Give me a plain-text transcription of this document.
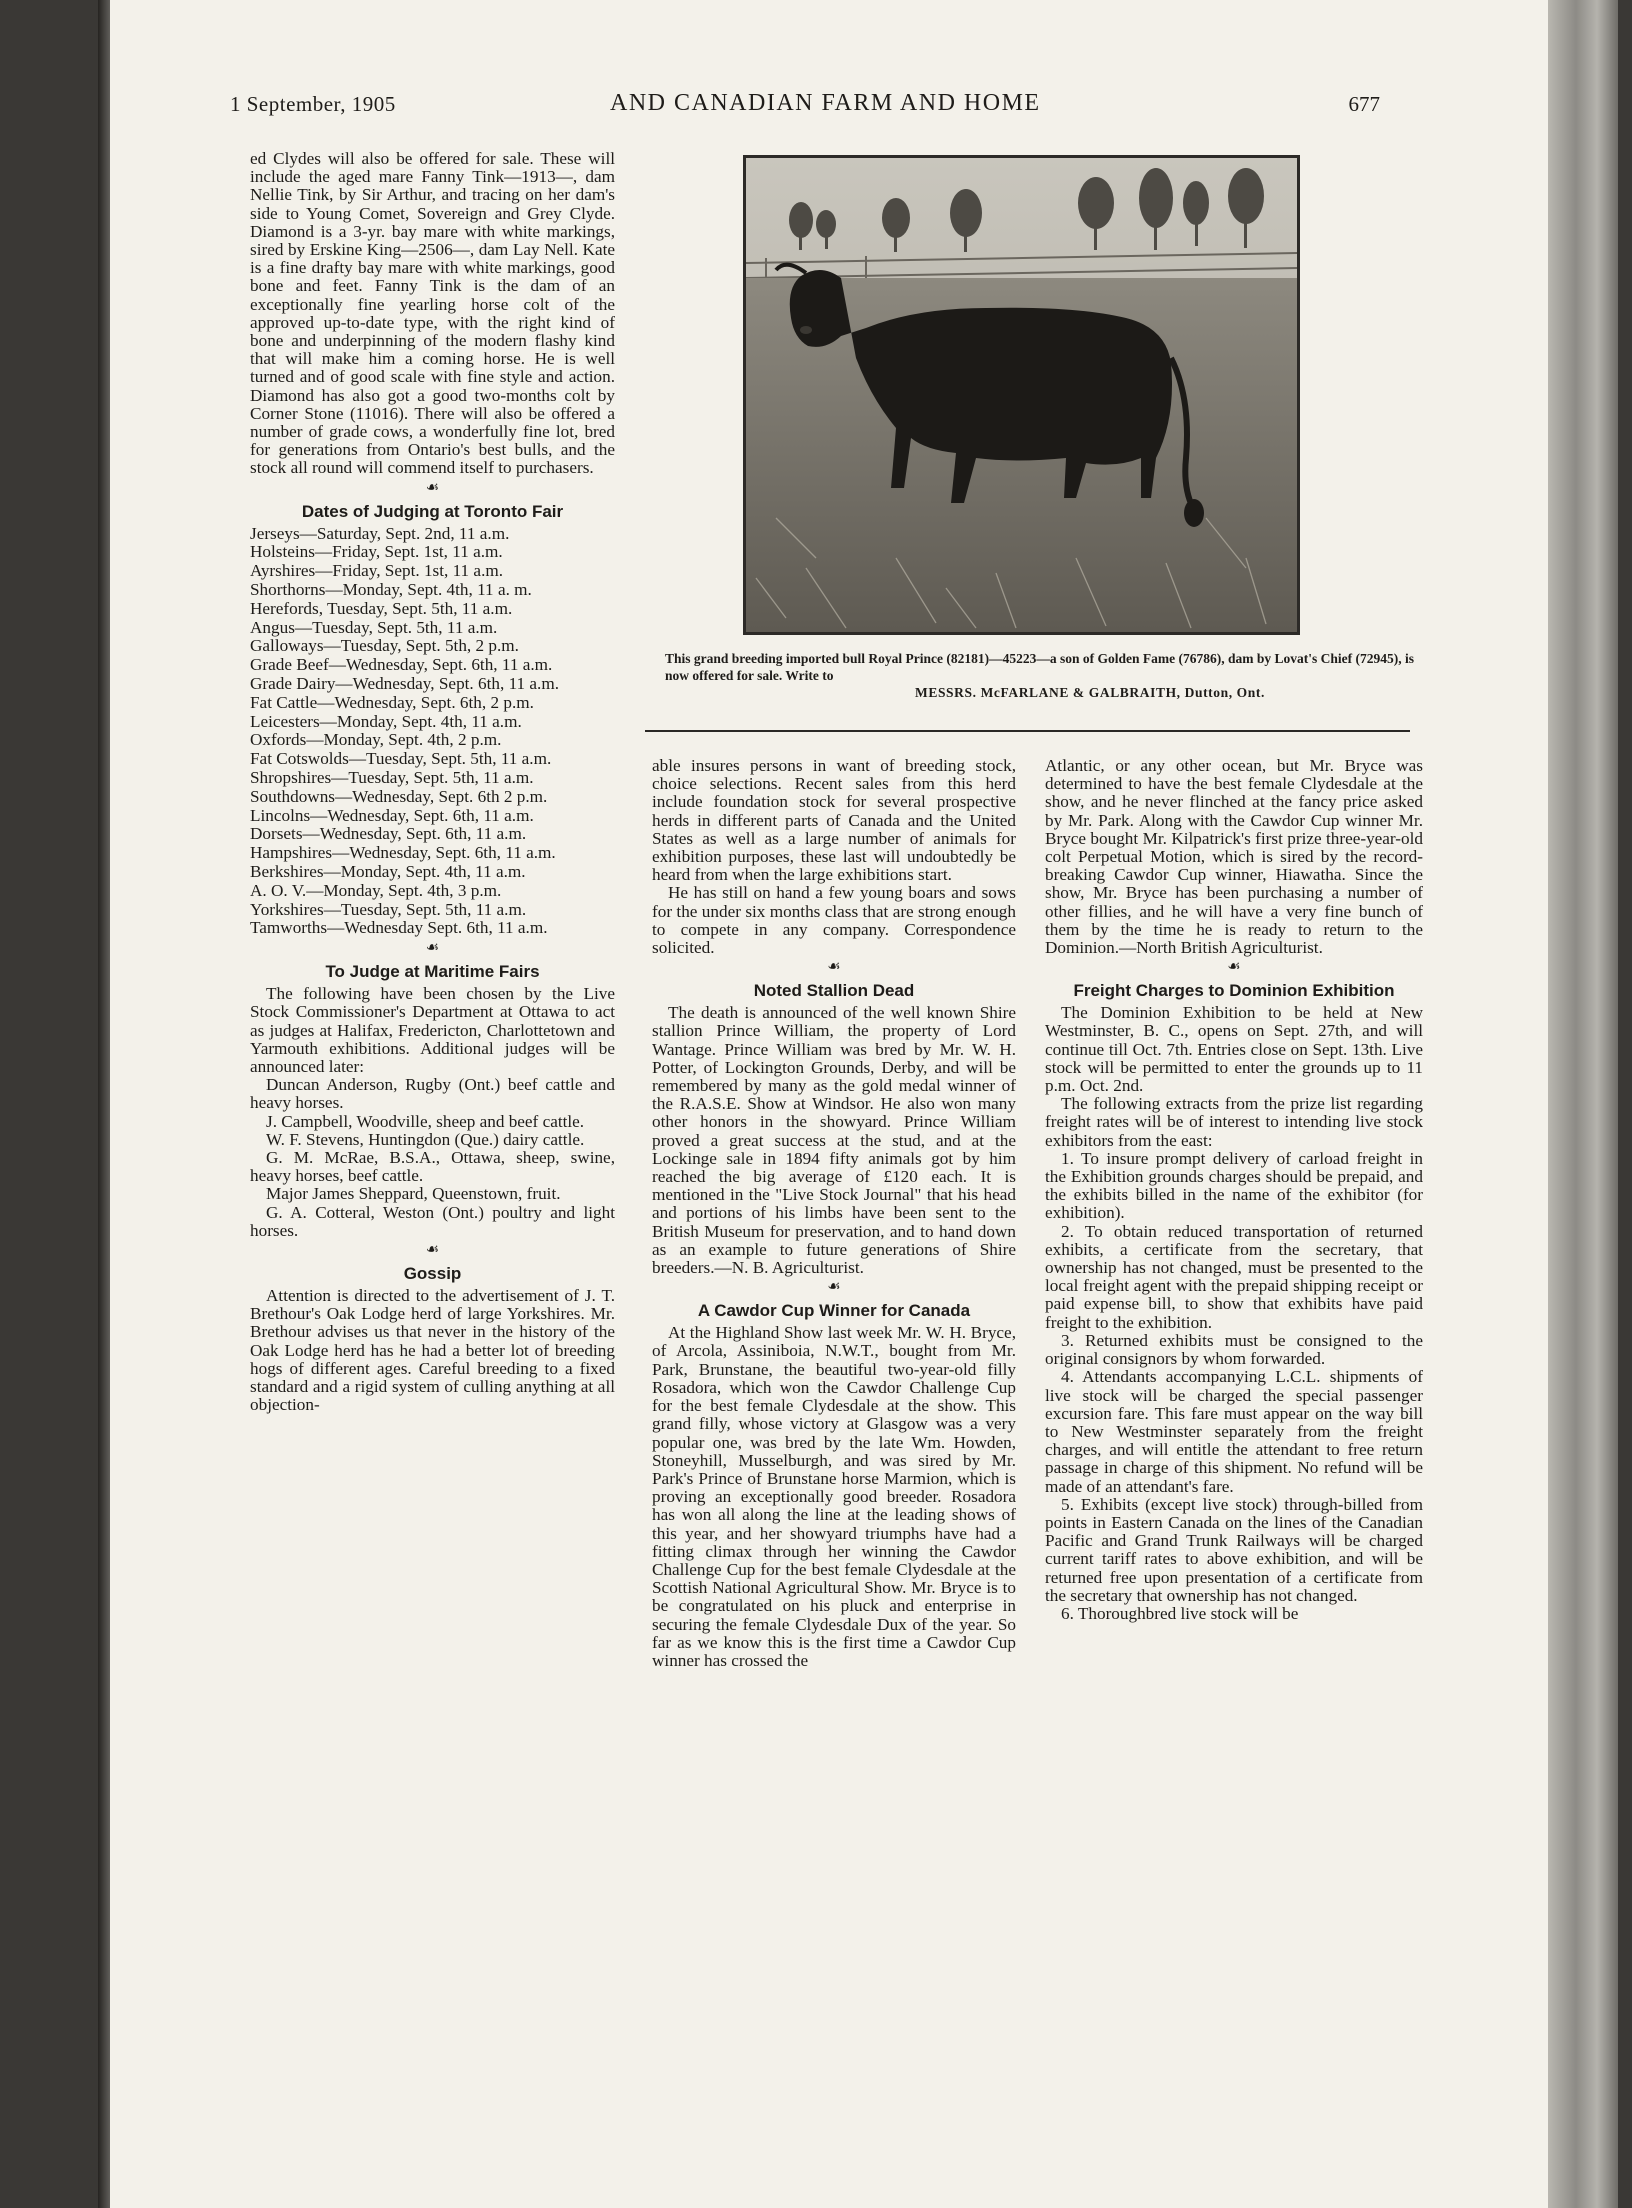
1 September, 1905	AND CANADIAN FARM AND HOME	677

ed Clydes will also be offered for sale. These will include the aged mare Fanny Tink—1913—, dam Nellie Tink, by Sir Arthur, and tracing on her dam's side to Young Comet, Sovereign and Grey Clyde. Diamond is a 3-yr. bay mare with white markings, sired by Erskine King—2506—, dam Lay Nell. Kate is a fine drafty bay mare with white markings, good bone and feet. Fanny Tink is the dam of an exceptionally fine yearling horse colt of the approved up-to-date type, with the right kind of bone and underpinning of the modern flashy kind that will make him a coming horse. He is well turned and of good scale with fine style and action. Diamond has also got a good two-months colt by Corner Stone (11016). There will also be offered a number of grade cows, a wonderfully fine lot, bred for generations from Ontario's best bulls, and the stock all round will commend itself to purchasers.

☙
Dates of Judging at Toronto Fair
Jerseys—Saturday, Sept. 2nd, 11 a.m.
Holsteins—Friday, Sept. 1st, 11 a.m.
Ayrshires—Friday, Sept. 1st, 11 a.m.
Shorthorns—Monday, Sept. 4th, 11 a. m.
Herefords, Tuesday, Sept. 5th, 11 a.m.
Angus—Tuesday, Sept. 5th, 11 a.m.
Galloways—Tuesday, Sept. 5th, 2 p.m.
Grade Beef—Wednesday, Sept. 6th, 11 a.m.
Grade Dairy—Wednesday, Sept. 6th, 11 a.m.
Fat Cattle—Wednesday, Sept. 6th, 2 p.m.
Leicesters—Monday, Sept. 4th, 11 a.m.
Oxfords—Monday, Sept. 4th, 2 p.m.
Fat Cotswolds—Tuesday, Sept. 5th, 11 a.m.
Shropshires—Tuesday, Sept. 5th, 11 a.m.
Southdowns—Wednesday, Sept. 6th 2 p.m.
Lincolns—Wednesday, Sept. 6th, 11 a.m.
Dorsets—Wednesday, Sept. 6th, 11 a.m.
Hampshires—Wednesday, Sept. 6th, 11 a.m.
Berkshires—Monday, Sept. 4th, 11 a.m.
A. O. V.—Monday, Sept. 4th, 3 p.m.
Yorkshires—Tuesday, Sept. 5th, 11 a.m.
Tamworths—Wednesday Sept. 6th, 11 a.m.
☙
To Judge at Maritime Fairs

The following have been chosen by the Live Stock Commissioner's Department at Ottawa to act as judges at Halifax, Fredericton, Charlottetown and Yarmouth exhibitions. Additional judges will be announced later:

Duncan Anderson, Rugby (Ont.) beef cattle and heavy horses.

J. Campbell, Woodville, sheep and beef cattle.

W. F. Stevens, Huntingdon (Que.) dairy cattle.

G. M. McRae, B.S.A., Ottawa, sheep, swine, heavy horses, beef cattle.

Major James Sheppard, Queenstown, fruit.

G. A. Cotteral, Weston (Ont.) poultry and light horses.

☙
Gossip

Attention is directed to the advertisement of J. T. Brethour's Oak Lodge herd of large Yorkshires. Mr. Brethour advises us that never in the history of the Oak Lodge herd has he had a better lot of breeding hogs of different ages. Careful breeding to a fixed standard and a rigid system of culling anything at all objection-

This grand breeding imported bull Royal Prince (82181)—45223—a son of Golden Fame (76786), dam by Lovat's Chief (72945), is now offered for sale. Write to
MESSRS. McFARLANE & GALBRAITH, Dutton, Ont.

able insures persons in want of breeding stock, choice selections. Recent sales from this herd include foundation stock for several prospective herds in different parts of Canada and the United States as well as a large number of animals for exhibition purposes, these last will undoubtedly be heard from when the large exhibitions start.

He has still on hand a few young boars and sows for the under six months class that are strong enough to compete in any company. Correspondence solicited.

☙
Noted Stallion Dead

The death is announced of the well known Shire stallion Prince William, the property of Lord Wantage. Prince William was bred by Mr. W. H. Potter, of Lockington Grounds, Derby, and will be remembered by many as the gold medal winner of the R.A.S.E. Show at Windsor. He also won many other honors in the showyard. Prince William proved a great success at the stud, and at the Lockinge sale in 1894 fifty animals got by him reached the big average of £120 each. It is mentioned in the "Live Stock Journal" that his head and portions of his limbs have been sent to the British Museum for preservation, and to hand down as an example to future generations of Shire breeders.—N. B. Agriculturist.

☙
A Cawdor Cup Winner for Canada

At the Highland Show last week Mr. W. H. Bryce, of Arcola, Assiniboia, N.W.T., bought from Mr. Park, Brunstane, the beautiful two-year-old filly Rosadora, which won the Cawdor Challenge Cup for the best female Clydesdale at the show. This grand filly, whose victory at Glasgow was a very popular one, was bred by the late Wm. Howden, Stoneyhill, Musselburgh, and was sired by Mr. Park's Prince of Brunstane horse Marmion, which is proving an exceptionally good breeder. Rosadora has won all along the line at the leading shows of this year, and her showyard triumphs have had a fitting climax through her winning the Cawdor Challenge Cup for the best female Clydesdale at the Scottish National Agricultural Show. Mr. Bryce is to be congratulated on his pluck and enterprise in securing the female Clydesdale Dux of the year. So far as we know this is the first time a Cawdor Cup winner has crossed the

Atlantic, or any other ocean, but Mr. Bryce was determined to have the best female Clydesdale at the show, and he never flinched at the fancy price asked by Mr. Park. Along with the Cawdor Cup winner Mr. Bryce bought Mr. Kilpatrick's first prize three-year-old colt Perpetual Motion, which is sired by the record-breaking Cawdor Cup winner, Hiawatha. Since the show, Mr. Bryce has been purchasing a number of other fillies, and he will have a very fine bunch of them by the time he is ready to return to the Dominion.—North British Agriculturist.

☙
Freight Charges to Dominion Exhibition

The Dominion Exhibition to be held at New Westminster, B. C., opens on Sept. 27th, and will continue till Oct. 7th. Entries close on Sept. 13th. Live stock will be permitted to enter the grounds up to 11 p.m. Oct. 2nd.

The following extracts from the prize list regarding freight rates will be of interest to intending live stock exhibitors from the east:

1. To insure prompt delivery of carload freight in the Exhibition grounds charges should be prepaid, and the exhibits billed in the name of the exhibitor (for exhibition).

2. To obtain reduced transportation of returned exhibits, a certificate from the secretary, that ownership has not changed, must be presented to the local freight agent with the prepaid shipping receipt or paid expense bill, to show that exhibits have paid freight to the exhibition.

3. Returned exhibits must be consigned to the original consignors by whom forwarded.

4. Attendants accompanying L.C.L. shipments of live stock will be charged the special passenger excursion fare. This fare must appear on the way bill to New Westminster separately from the freight charges, and will entitle the attendant to free return passage in charge of this shipment. No refund will be made of an attendant's fare.

5. Exhibits (except live stock) through-billed from points in Eastern Canada on the lines of the Canadian Pacific and Grand Trunk Railways will be charged current tariff rates to above exhibition, and will be returned free upon presentation of a certificate from the secretary that ownership has not changed.

6. Thoroughbred live stock will be
